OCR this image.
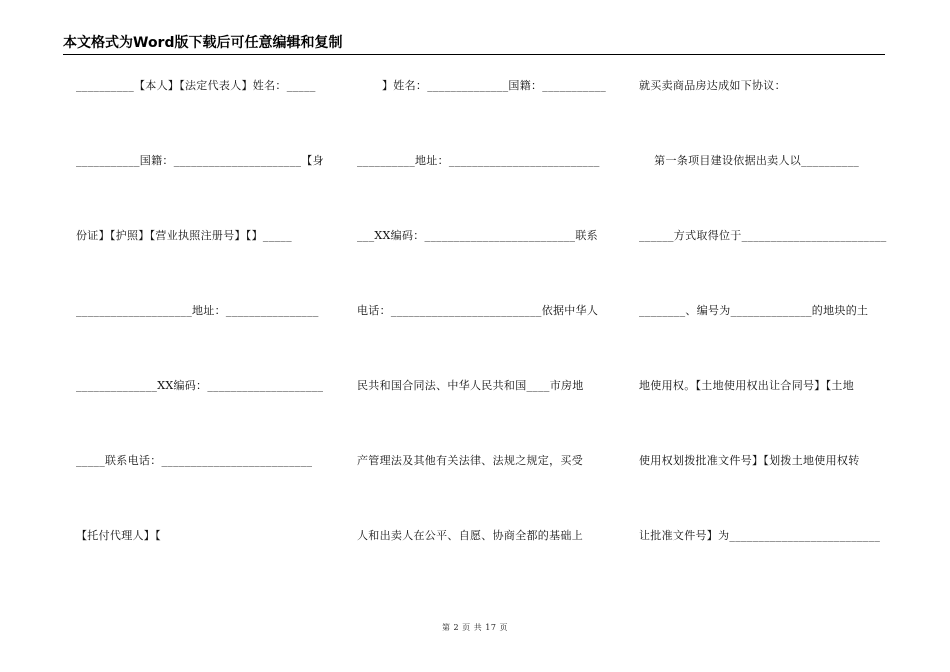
本文格式为Word版下载后可任意编辑和复制
__________【本人】【法定代表人】姓名：_____
___________国籍：______________________【身
份证】【护照】【营业执照注册号】【】_____
____________________地址：________________
______________XX编码：____________________
_____联系电话：__________________________
【托付代理人】【
】姓名：______________国籍：___________
__________地址：__________________________
___XX编码：__________________________联系
电话：__________________________依据中华人
民共和国合同法、中华人民共和国____市房地
产管理法及其他有关法律、法规之规定，买受
人和出卖人在公平、自愿、协商全都的基础上
就买卖商品房达成如下协议：
第一条项目建设依据出卖人以__________
______方式取得位于_________________________
________、编号为______________的地块的土
地使用权。【土地使用权出让合同号】【土地
使用权划拨批准文件号】【划拨土地使用权转
让批准文件号】为__________________________
第 2 页 共 17 页
